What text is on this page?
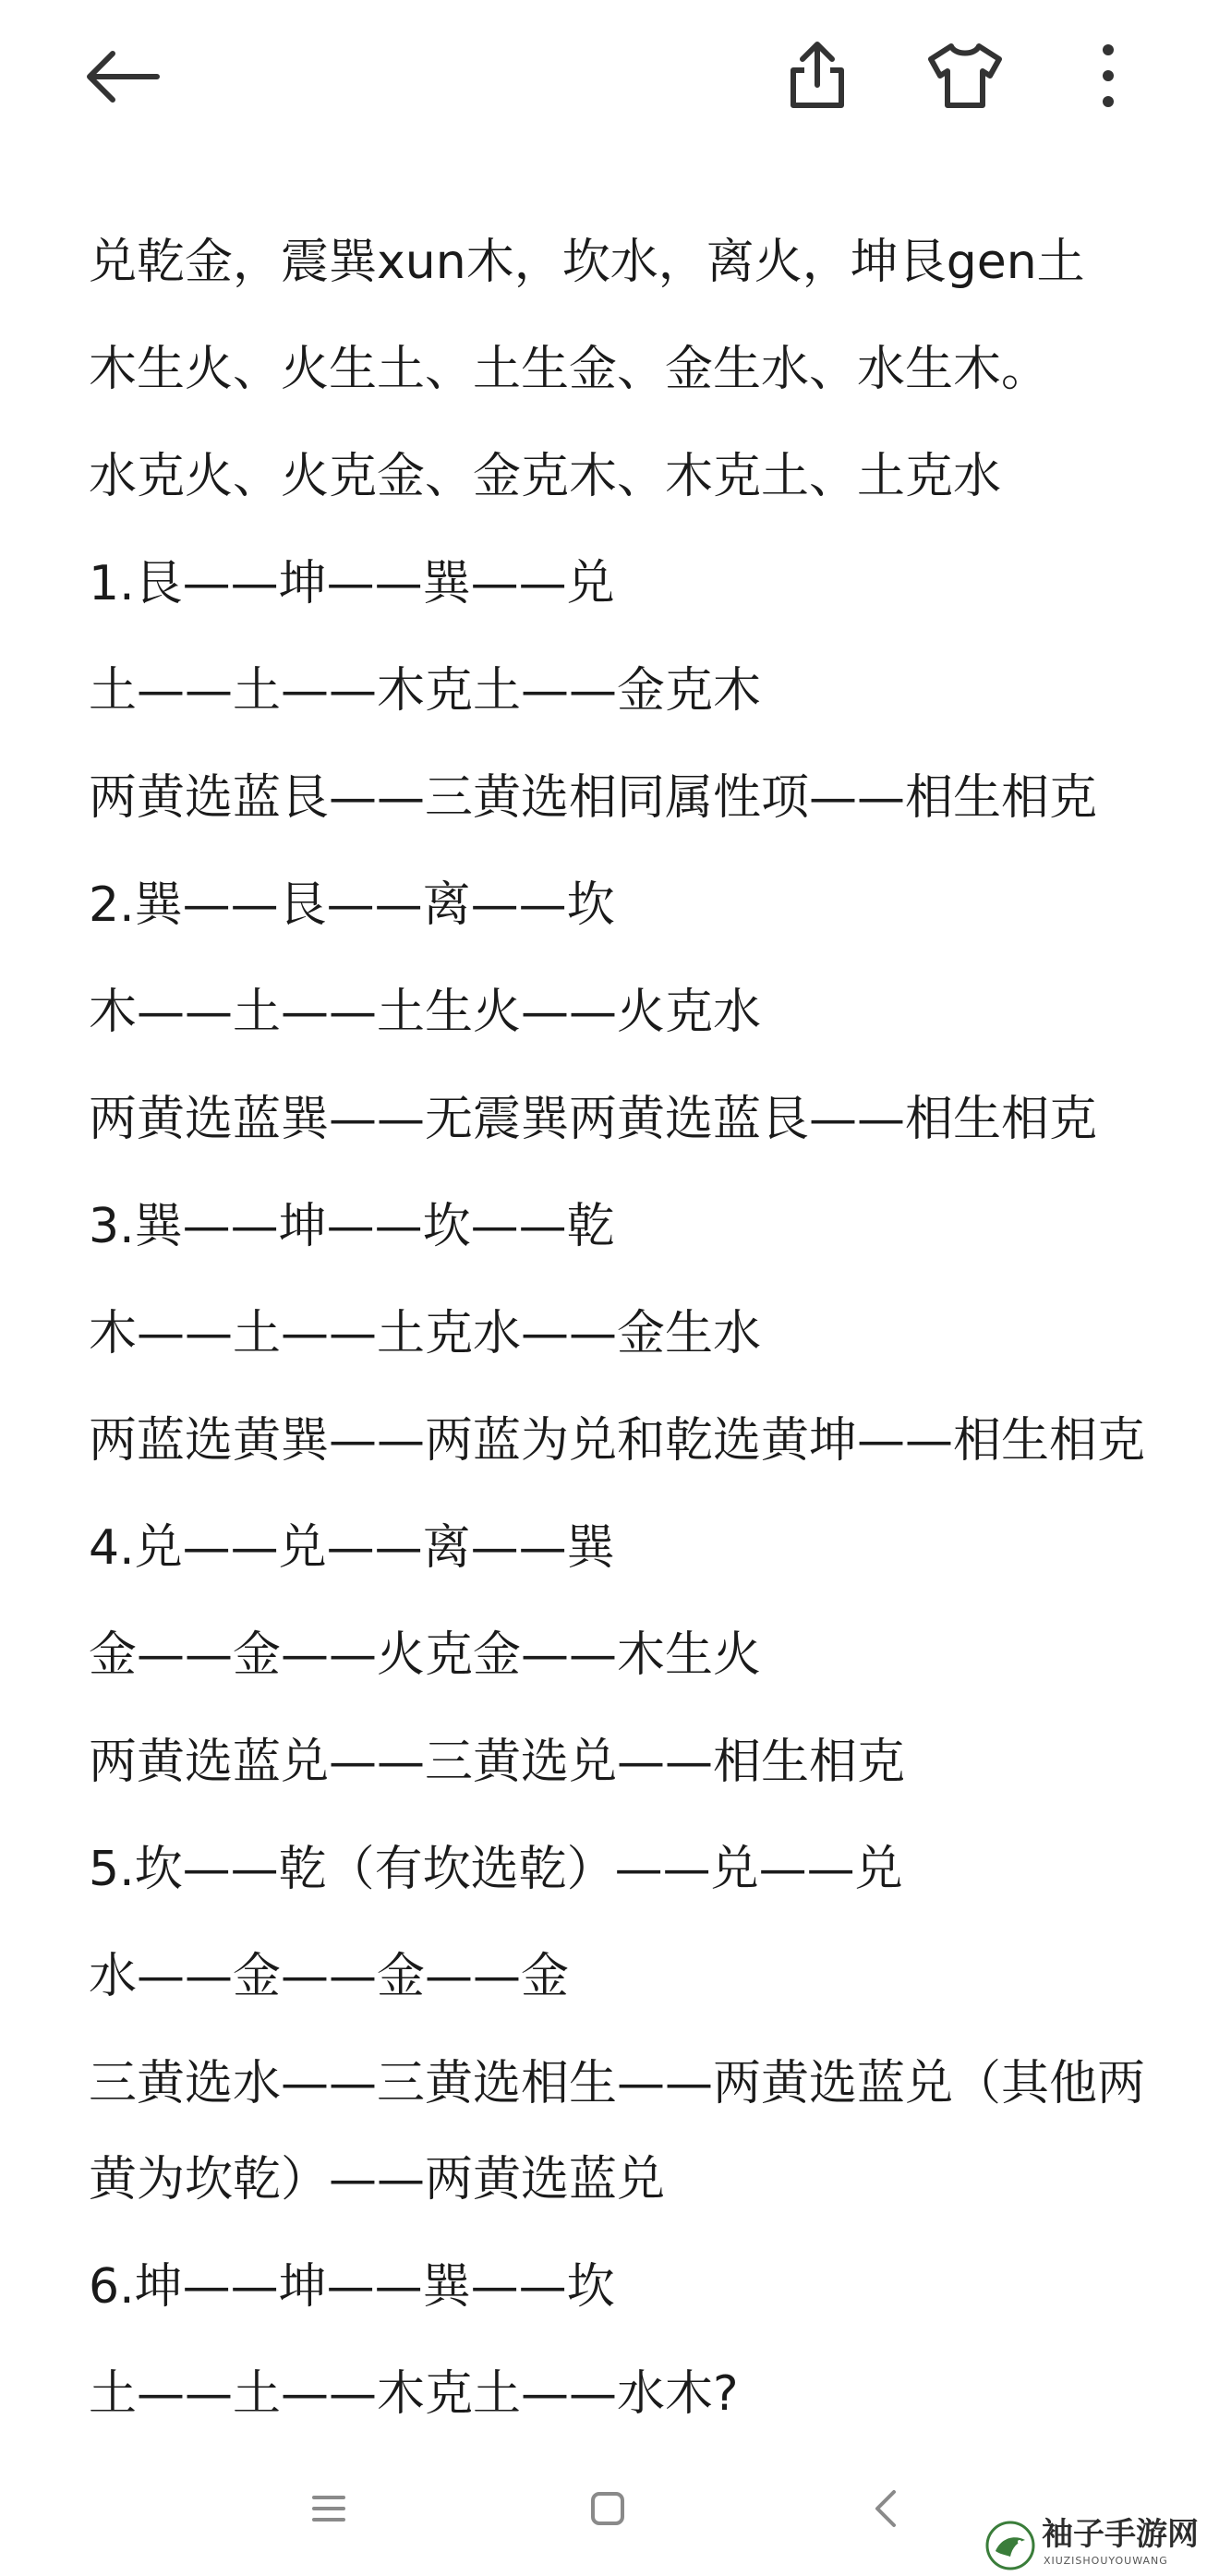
兑乾金，震巽xun木，坎水，离火，坤艮gen土
木生火、火生土、土生金、金生水、水生木。
水克火、火克金、金克木、木克土、土克水
1.艮——坤——巽——兑
土——土——木克土——金克木
两黄选蓝艮——三黄选相同属性项——相生相克
2.巽——艮——离——坎
木——土——土生火——火克水
两黄选蓝巽——无震巽两黄选蓝艮——相生相克
3.巽——坤——坎——乾
木——土——土克水——金生水
两蓝选黄巽——两蓝为兑和乾选黄坤——相生相克
4.兑——兑——离——巽
金——金——火克金——木生火
两黄选蓝兑——三黄选兑——相生相克
5.坎——乾（有坎选乾）——兑——兑
水——金——金——金
三黄选水——三黄选相生——两黄选蓝兑（其他两黄为坎乾）——两黄选蓝兑
6.坤——坤——巽——坎
土——土——木克土——水木?
袖子手游网
XIUZISHOUYOUWANG
